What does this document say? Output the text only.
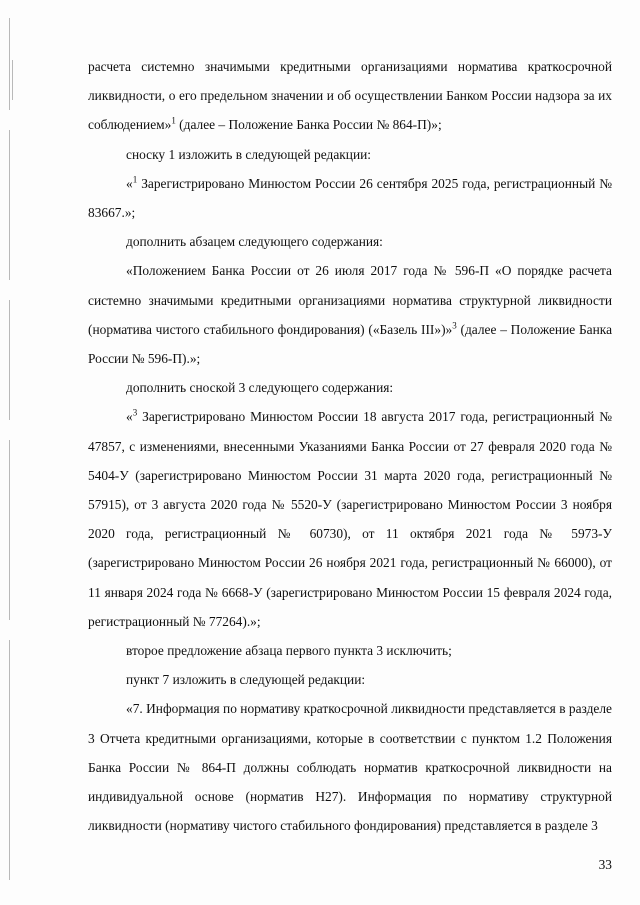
расчета системно значимыми кредитными организациями норматива краткосрочной ликвидности, о его предельном значении и об осуществлении Банком России надзора за их соблюдением»$^1$ (далее – Положение Банка России № 864-П)»;

сноску 1 изложить в следующей редакции:

«$^1$ Зарегистрировано Минюстом России 26 сентября 2025 года, регистрационный № 83667.»;

дополнить абзацем следующего содержания:

«Положением Банка России от 26 июля 2017 года № 596-П «О порядке расчета системно значимыми кредитными организациями норматива структурной ликвидности (норматива чистого стабильного фондирования) («Базель III»)»$^3$ (далее – Положение Банка России № 596-П).»;

дополнить сноской 3 следующего содержания:

«$^3$ Зарегистрировано Минюстом России 18 августа 2017 года, регистрационный № 47857, с изменениями, внесенными Указаниями Банка России от 27 февраля 2020 года № 5404-У (зарегистрировано Минюстом России 31 марта 2020 года, регистрационный № 57915), от 3 августа 2020 года № 5520-У (зарегистрировано Минюстом России 3 ноября 2020 года, регистрационный № 60730), от 11 октября 2021 года № 5973-У (зарегистрировано Минюстом России 26 ноября 2021 года, регистрационный № 66000), от 11 января 2024 года № 6668-У (зарегистрировано Минюстом России 15 февраля 2024 года, регистрационный № 77264).»;

второе предложение абзаца первого пункта 3 исключить;

пункт 7 изложить в следующей редакции:

«7. Информация по нормативу краткосрочной ликвидности представляется в разделе 3 Отчета кредитными организациями, которые в соответствии с пунктом 1.2 Положения Банка России № 864-П должны соблюдать норматив краткосрочной ликвидности на индивидуальной основе (норматив Н27). Информация по нормативу структурной ликвидности (нормативу чистого стабильного фондирования) представляется в разделе 3

33
